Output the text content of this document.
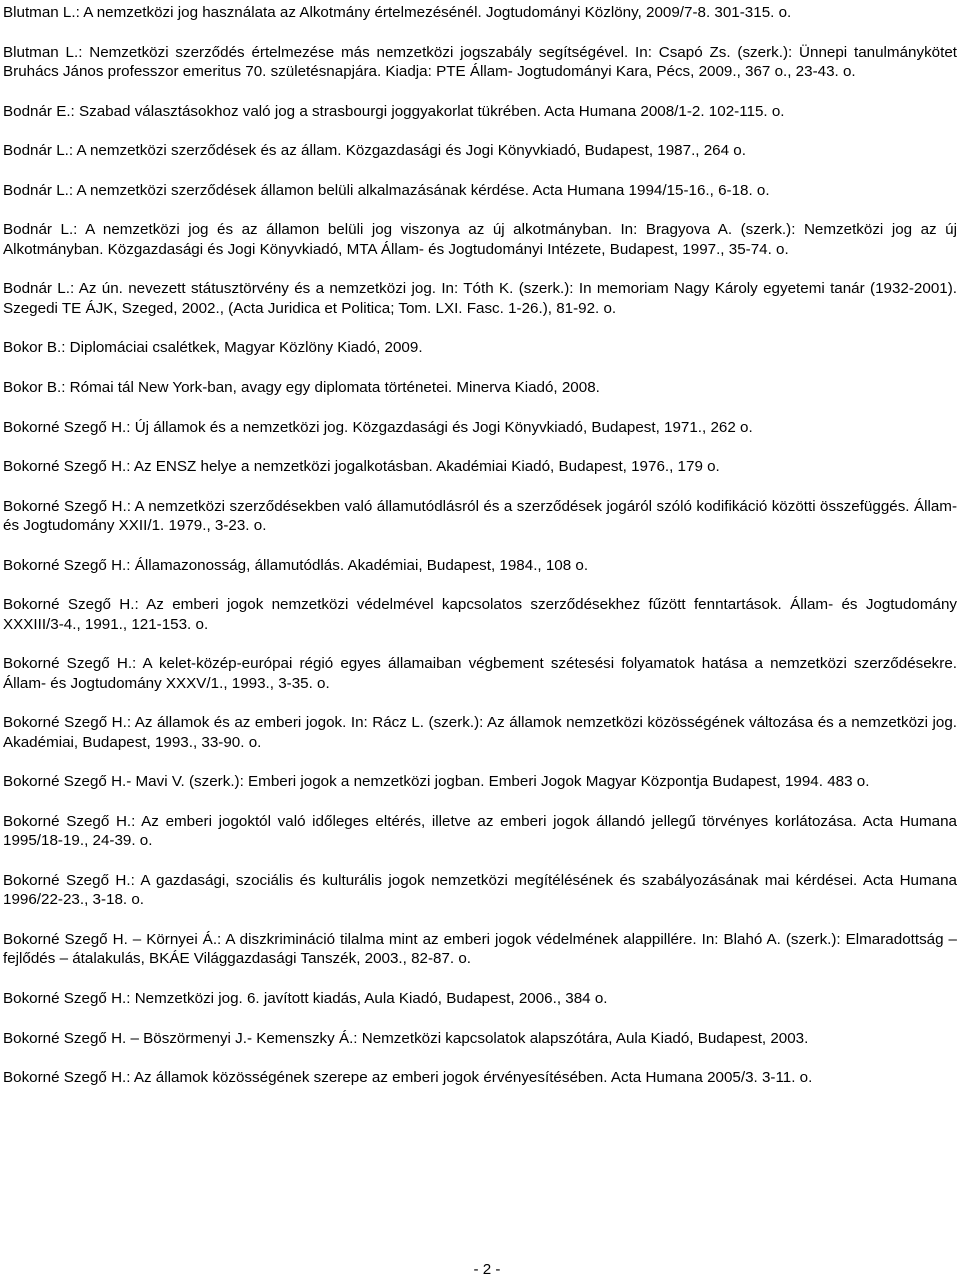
Blutman L.: A nemzetközi jog használata az Alkotmány értelmezésénél. Jogtudományi Közlöny, 2009/7-8. 301-315. o.

Blutman L.: Nemzetközi szerződés értelmezése más nemzetközi jogszabály segítségével. In: Csapó Zs. (szerk.): Ünnepi tanulmánykötet Bruhács János professzor emeritus 70. születésnapjára. Kiadja: PTE Állam- Jogtudományi Kara, Pécs, 2009., 367 o., 23-43. o.

Bodnár E.: Szabad választásokhoz való jog a strasbourgi joggyakorlat tükrében. Acta Humana 2008/1-2. 102-115. o.

Bodnár L.: A nemzetközi szerződések és az állam. Közgazdasági és Jogi Könyvkiadó, Budapest, 1987., 264 o.

Bodnár L.: A nemzetközi szerződések államon belüli alkalmazásának kérdése. Acta Humana 1994/15-16., 6-18. o.

Bodnár L.: A nemzetközi jog és az államon belüli jog viszonya az új alkotmányban. In: Bragyova A. (szerk.): Nemzetközi jog az új Alkotmányban. Közgazdasági és Jogi Könyvkiadó, MTA Állam- és Jogtudományi Intézete, Budapest, 1997., 35-74. o.

Bodnár L.: Az ún. nevezett státusztörvény és a nemzetközi jog. In: Tóth K. (szerk.): In memoriam Nagy Károly egyetemi tanár (1932-2001). Szegedi TE ÁJK, Szeged, 2002., (Acta Juridica et Politica; Tom. LXI. Fasc. 1-26.), 81-92. o.

Bokor B.: Diplomáciai csalétkek, Magyar Közlöny Kiadó, 2009.

Bokor B.: Római tál New York-ban, avagy egy diplomata történetei. Minerva Kiadó, 2008.

Bokorné Szegő H.: Új államok és a nemzetközi jog. Közgazdasági és Jogi Könyvkiadó, Budapest, 1971., 262 o.

Bokorné Szegő H.: Az ENSZ helye a nemzetközi jogalkotásban. Akadémiai Kiadó, Budapest, 1976., 179 o.

Bokorné Szegő H.: A nemzetközi szerződésekben való államutódlásról és a szerződések jogáról szóló kodifikáció közötti összefüggés. Állam- és Jogtudomány XXII/1. 1979., 3-23. o.

Bokorné Szegő H.: Államazonosság, államutódlás. Akadémiai, Budapest, 1984., 108 o.

Bokorné Szegő H.: Az emberi jogok nemzetközi védelmével kapcsolatos szerződésekhez fűzött fenntartások. Állam- és Jogtudomány XXXIII/3-4., 1991., 121-153. o.

Bokorné Szegő H.: A kelet-közép-európai régió egyes államaiban végbement szétesési folyamatok hatása a nemzetközi szerződésekre. Állam- és Jogtudomány XXXV/1., 1993., 3-35. o.

Bokorné Szegő H.: Az államok és az emberi jogok. In: Rácz L. (szerk.): Az államok nemzetközi közösségének változása és a nemzetközi jog. Akadémiai, Budapest, 1993., 33-90. o.

Bokorné Szegő H.- Mavi V. (szerk.): Emberi jogok a nemzetközi jogban. Emberi Jogok Magyar Központja Budapest, 1994. 483 o.

Bokorné Szegő H.: Az emberi jogoktól való időleges eltérés, illetve az emberi jogok állandó jellegű törvényes korlátozása. Acta Humana 1995/18-19., 24-39. o.

Bokorné Szegő H.: A gazdasági, szociális és kulturális jogok nemzetközi megítélésének és szabályozásának mai kérdései. Acta Humana 1996/22-23., 3-18. o.

Bokorné Szegő H. – Környei Á.: A diszkrimináció tilalma mint az emberi jogok védelmének alappillére. In: Blahó A. (szerk.): Elmaradottság – fejlődés – átalakulás, BKÁE Világgazdasági Tanszék, 2003., 82-87. o.

Bokorné Szegő H.: Nemzetközi jog. 6. javított kiadás, Aula Kiadó, Budapest, 2006., 384 o.

Bokorné Szegő H. – Böszörmenyi J.- Kemenszky Á.: Nemzetközi kapcsolatok alapszótára, Aula Kiadó, Budapest, 2003.

Bokorné Szegő H.: Az államok közösségének szerepe az emberi jogok érvényesítésében. Acta Humana 2005/3. 3-11. o.

- 2 -
